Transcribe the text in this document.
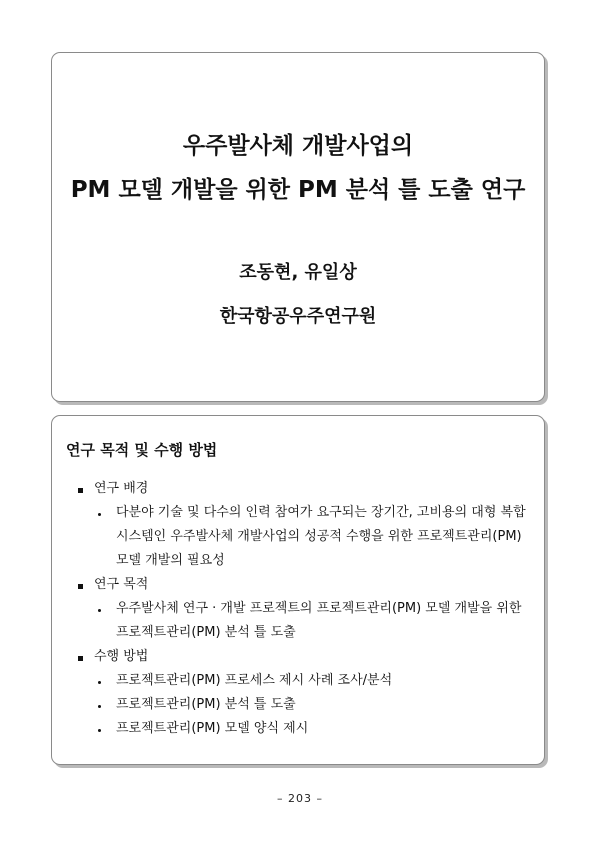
우주발사체 개발사업의
PM 모델 개발을 위한 PM 분석 틀 도출 연구
조동현, 유일상
한국항공우주연구원
연구 목적 및 수행 방법
연구 배경
다분야 기술 및 다수의 인력 참여가 요구되는 장기간, 고비용의 대형 복합
시스템인 우주발사체 개발사업의 성공적 수행을 위한 프로젝트관리(PM)
모델 개발의 필요성
연구 목적
우주발사체 연구 · 개발 프로젝트의 프로젝트관리(PM) 모델 개발을 위한
프로젝트관리(PM) 분석 틀 도출
수행 방법
프로젝트관리(PM) 프로세스 제시 사례 조사/분석
프로젝트관리(PM) 분석 틀 도출
프로젝트관리(PM) 모델 양식 제시
– 203 –
